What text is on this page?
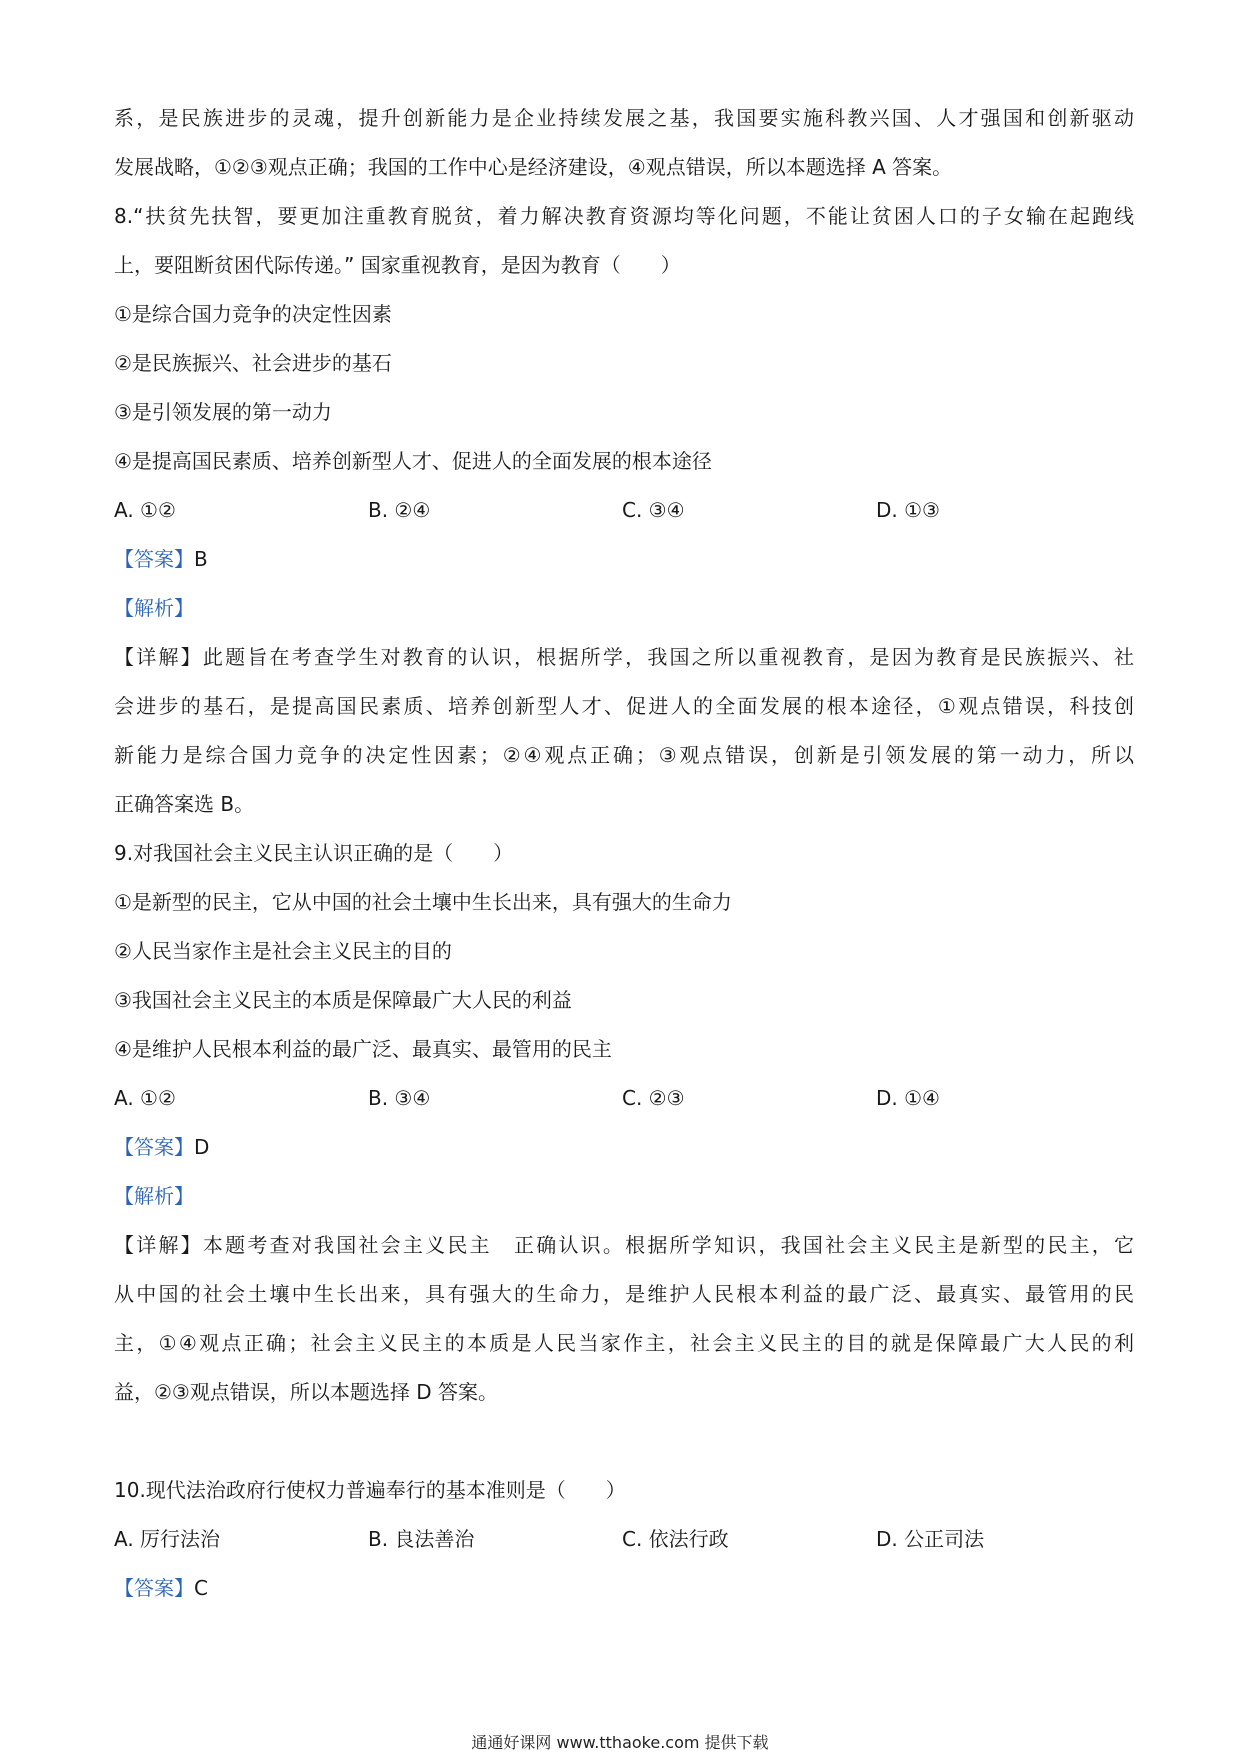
系，是民族进步的灵魂，提升创新能力是企业持续发展之基，我国要实施科教兴国、人才强国和创新驱动
发展战略，①②③观点正确；我国的工作中心是经济建设，④观点错误，所以本题选择 A 答案。
8.“扶贫先扶智，要更加注重教育脱贫，着力解决教育资源均等化问题，不能让贫困人口的子女输在起跑线
上，要阻断贫困代际传递。” 国家重视教育，是因为教育（　　）
①是综合国力竞争的决定性因素
②是民族振兴、社会进步的基石
③是引领发展的第一动力
④是提高国民素质、培养创新型人才、促进人的全面发展的根本途径
A. ①②	B. ②④	C. ③④	D. ①③
【答案】B
【解析】
【详解】此题旨在考查学生对教育的认识，根据所学，我国之所以重视教育，是因为教育是民族振兴、社
会进步的基石，是提高国民素质、培养创新型人才、促进人的全面发展的根本途径，①观点错误，科技创
新能力是综合国力竞争的决定性因素；②④观点正确；③观点错误，创新是引领发展的第一动力，所以
正确答案选 B。
9.对我国社会主义民主认识正确的是（　　）
①是新型的民主，它从中国的社会土壤中生长出来，具有强大的生命力
②人民当家作主是社会主义民主的目的
③我国社会主义民主的本质是保障最广大人民的利益
④是维护人民根本利益的最广泛、最真实、最管用的民主
A. ①②	B. ③④	C. ②③	D. ①④
【答案】D
【解析】
【详解】本题考查对我国社会主义民主　正确认识。根据所学知识，我国社会主义民主是新型的民主，它
从中国的社会土壤中生长出来，具有强大的生命力，是维护人民根本利益的最广泛、最真实、最管用的民
主，①④观点正确；社会主义民主的本质是人民当家作主，社会主义民主的目的就是保障最广大人民的利
益，②③观点错误，所以本题选择 D 答案。
10.现代法治政府行使权力普遍奉行的基本准则是（　　）
A. 厉行法治	B. 良法善治	C. 依法行政	D. 公正司法
【答案】C
通通好课网 www.tthaoke.com 提供下载
